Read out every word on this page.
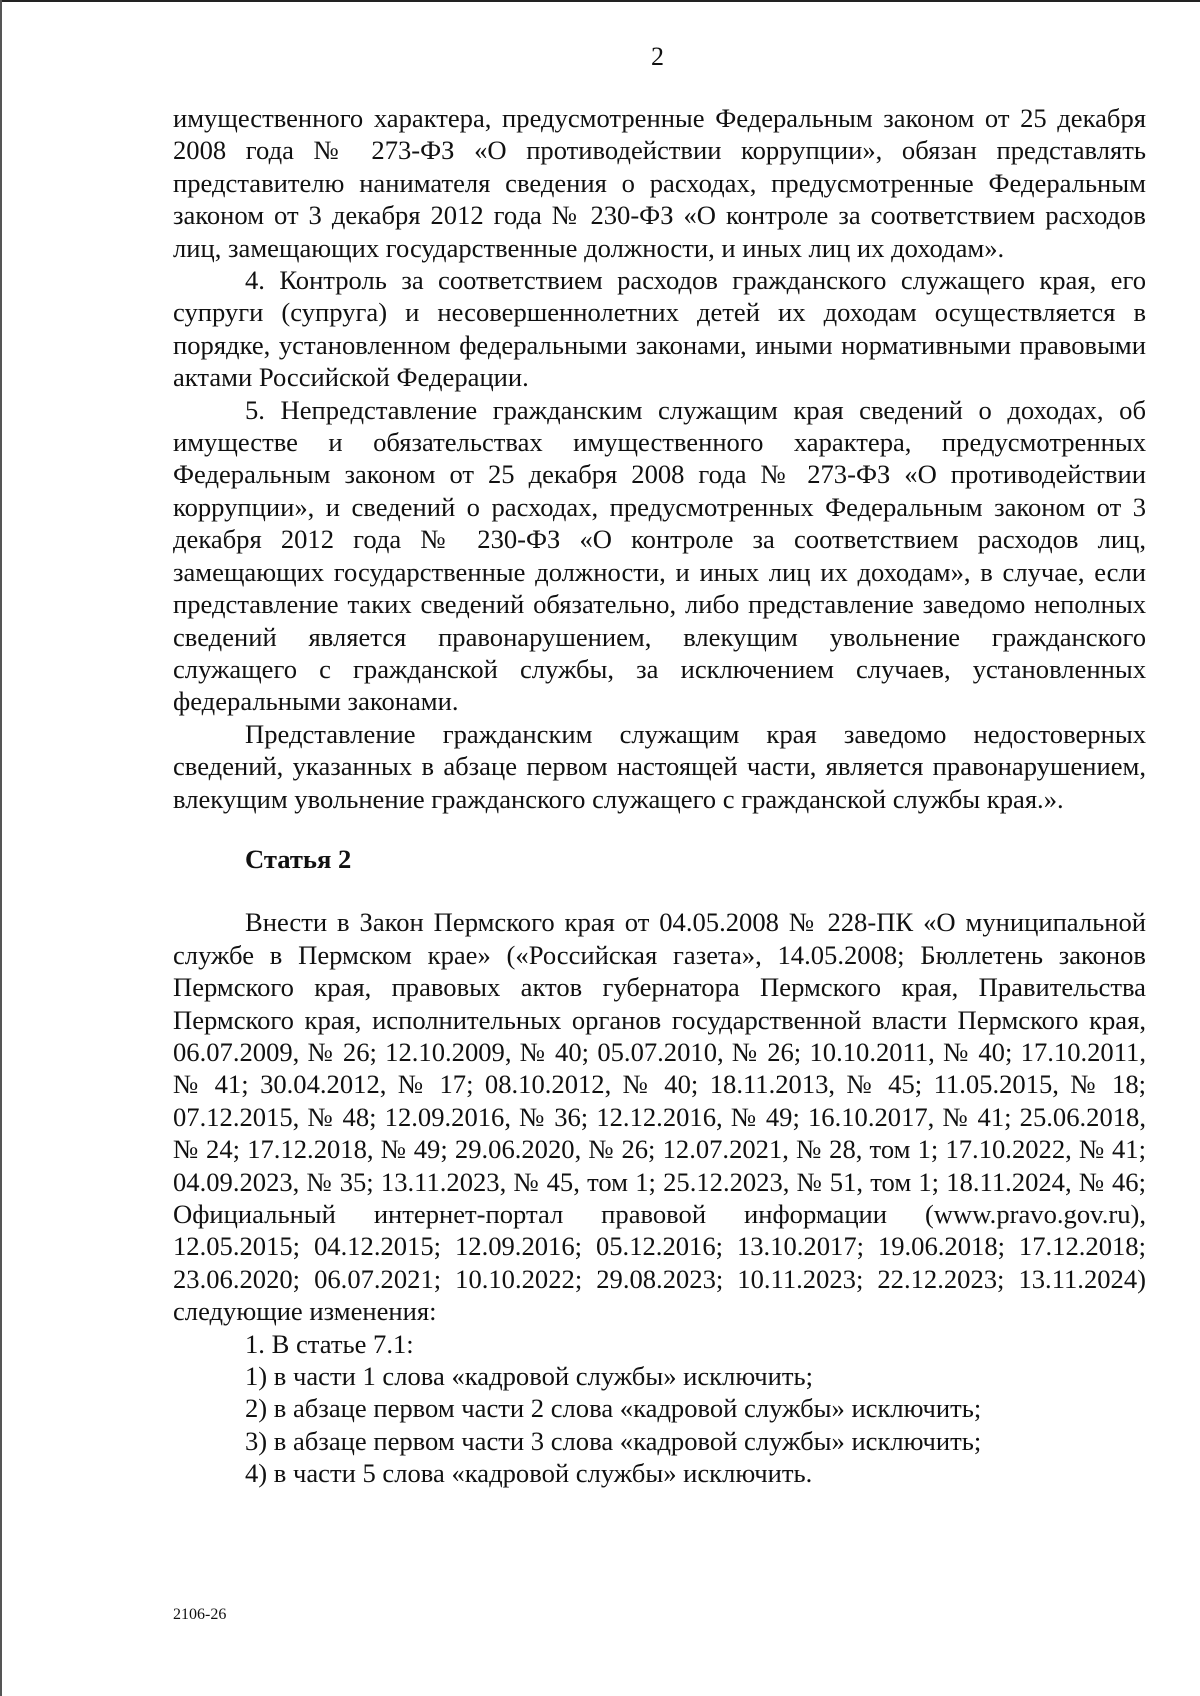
2

имущественного характера, предусмотренные Федеральным законом от 25 декабря 2008 года № 273-ФЗ «О противодействии коррупции», обязан представлять представителю нанимателя сведения о расходах, предусмотренные Федеральным законом от 3 декабря 2012 года № 230-ФЗ «О контроле за соответствием расходов лиц, замещающих государственные должности, и иных лиц их доходам».

4. Контроль за соответствием расходов гражданского служащего края, его супруги (супруга) и несовершеннолетних детей их доходам осуществляется в порядке, установленном федеральными законами, иными нормативными правовыми актами Российской Федерации.

5. Непредставление гражданским служащим края сведений о доходах, об имуществе и обязательствах имущественного характера, предусмотренных Федеральным законом от 25 декабря 2008 года № 273-ФЗ «О противодействии коррупции», и сведений о расходах, предусмотренных Федеральным законом от 3 декабря 2012 года № 230-ФЗ «О контроле за соответствием расходов лиц, замещающих государственные должности, и иных лиц их доходам», в случае, если представление таких сведений обязательно, либо представление заведомо неполных сведений является правонарушением, влекущим увольнение гражданского служащего с гражданской службы, за исключением случаев, установленных федеральными законами.

Представление гражданским служащим края заведомо недостоверных сведений, указанных в абзаце первом настоящей части, является правонарушением, влекущим увольнение гражданского служащего с гражданской службы края.».

Статья 2

Внести в Закон Пермского края от 04.05.2008 № 228-ПК «О муниципальной службе в Пермском крае» («Российская газета», 14.05.2008; Бюллетень законов Пермского края, правовых актов губернатора Пермского края, Правительства Пермского края, исполнительных органов государственной власти Пермского края, 06.07.2009, № 26; 12.10.2009, № 40; 05.07.2010, № 26; 10.10.2011, № 40; 17.10.2011, № 41; 30.04.2012, № 17; 08.10.2012, № 40; 18.11.2013, № 45; 11.05.2015, № 18; 07.12.2015, № 48; 12.09.2016, № 36; 12.12.2016, № 49; 16.10.2017, № 41; 25.06.2018, № 24; 17.12.2018, № 49; 29.06.2020, № 26; 12.07.2021, № 28, том 1; 17.10.2022, № 41; 04.09.2023, № 35; 13.11.2023, № 45, том 1; 25.12.2023, № 51, том 1; 18.11.2024, № 46; Официальный интернет-портал правовой информации (www.pravo.gov.ru), 12.05.2015; 04.12.2015; 12.09.2016; 05.12.2016; 13.10.2017; 19.06.2018; 17.12.2018; 23.06.2020; 06.07.2021; 10.10.2022; 29.08.2023; 10.11.2023; 22.12.2023; 13.11.2024) следующие изменения:

1. В статье 7.1:

1) в части 1 слова «кадровой службы» исключить;

2) в абзаце первом части 2 слова «кадровой службы» исключить;

3) в абзаце первом части 3 слова «кадровой службы» исключить;

4) в части 5 слова «кадровой службы» исключить.

2106-26
